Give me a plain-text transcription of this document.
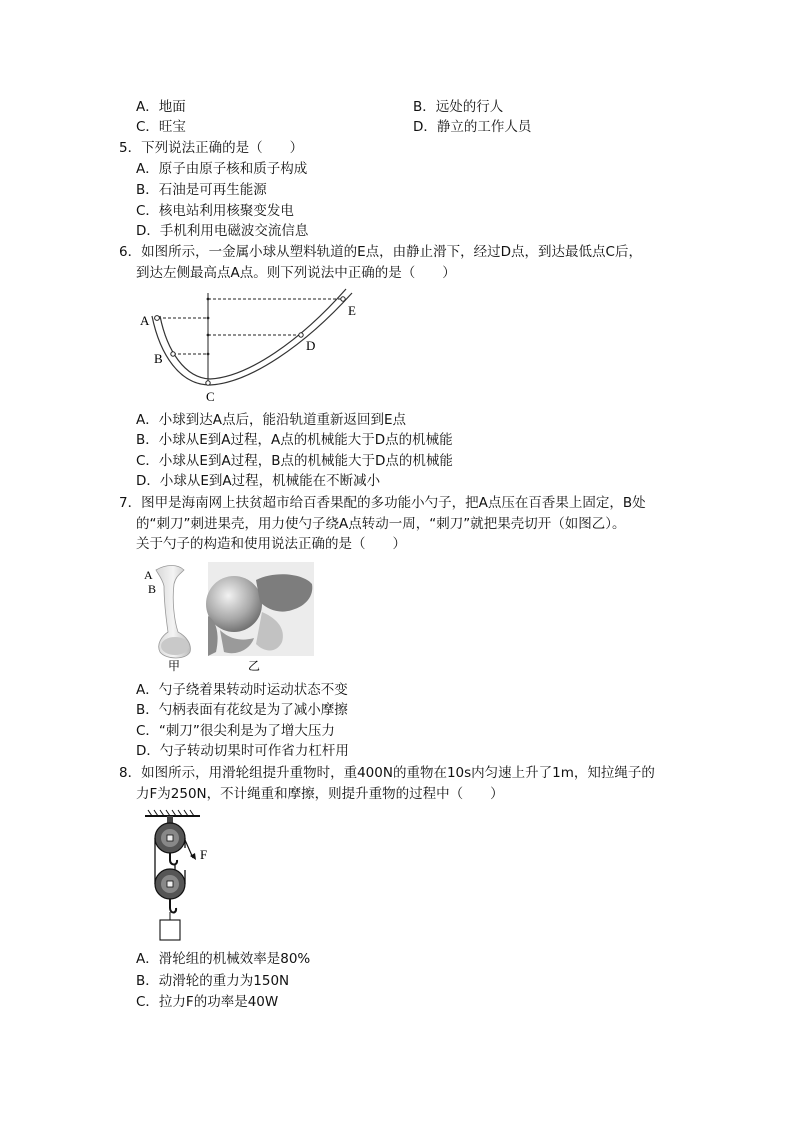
A．地面	B．远处的行人
C．旺宝	D．静立的工作人员
5．下列说法正确的是（　　）
A．原子由原子核和质子构成
B．石油是可再生能源
C．核电站利用核聚变发电
D．手机利用电磁波交流信息
6．如图所示，一金属小球从塑料轨道的E点，由静止滑下，经过D点，到达最低点C后，
到达左侧最高点A点。则下列说法中正确的是（　　）
A
B
C
D
E
A．小球到达A点后，能沿轨道重新返回到E点
B．小球从E到A过程，A点的机械能大于D点的机械能
C．小球从E到A过程，B点的机械能大于D点的机械能
D．小球从E到A过程，机械能在不断减小
7．图甲是海南网上扶贫超市给百香果配的多功能小勺子，把A点压在百香果上固定，B处
的“刺刀”刺进果壳，用力使勺子绕A点转动一周，“刺刀”就把果壳切开（如图乙）。
关于勺子的构造和使用说法正确的是（　　）
A
B
甲	乙
A．勺子绕着果转动时运动状态不变
B．勺柄表面有花纹是为了减小摩擦
C．“刺刀”很尖利是为了增大压力
D．勺子转动切果时可作省力杠杆用
8．如图所示，用滑轮组提升重物时，重400N的重物在10s内匀速上升了1m，知拉绳子的
力F为250N，不计绳重和摩擦，则提升重物的过程中（　　）
F
A．滑轮组的机械效率是80%
B．动滑轮的重力为150N
C．拉力F的功率是40W
